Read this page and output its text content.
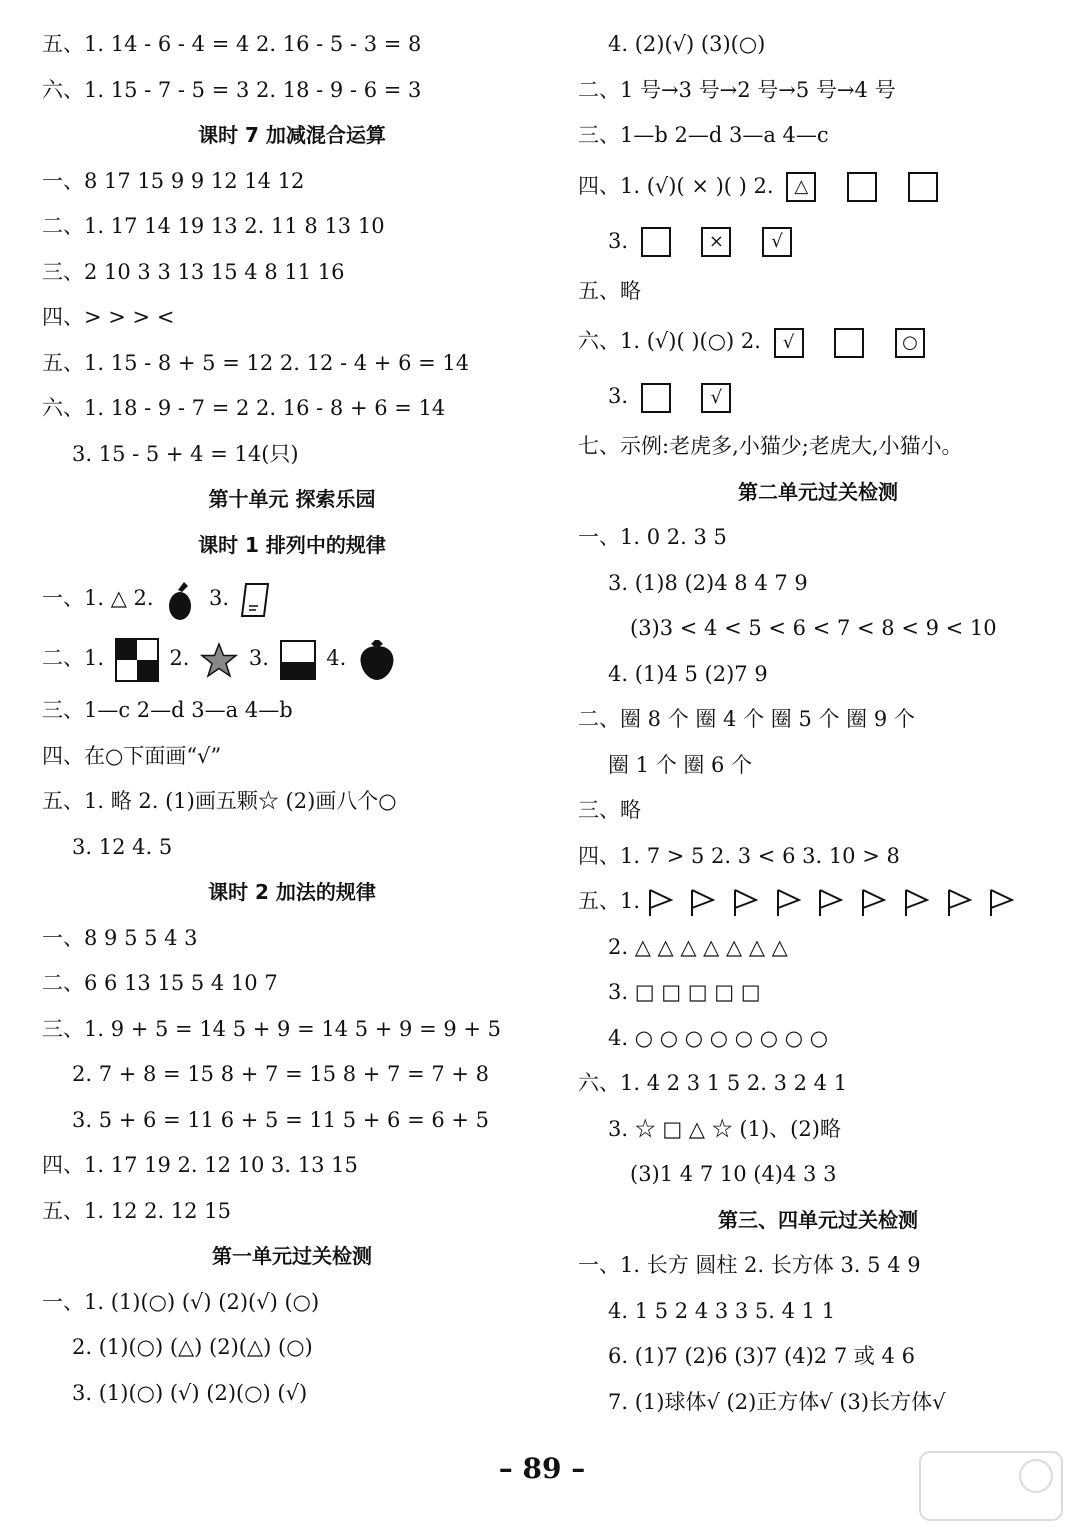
五、1. 14 - 6 - 4 = 4 2. 16 - 5 - 3 = 8
六、1. 15 - 7 - 5 = 3 2. 18 - 9 - 6 = 3
课时 7 加减混合运算
一、8 17 15 9 9 12 14 12
二、1. 17 14 19 13 2. 11 8 13 10
三、2 10 3 3 13 15 4 8 11 16
四、> > > <
五、1. 15 - 8 + 5 = 12 2. 12 - 4 + 6 = 14
六、1. 18 - 9 - 7 = 2 2. 16 - 8 + 6 = 14
3. 15 - 5 + 4 = 14(只)
第十单元 探索乐园
课时 1 排列中的规律
一、1. △ 2.	3.
二、1.	2.	3.	4.
三、1—c 2—d 3—a 4—b
四、在○下面画“√”
五、1. 略 2. (1)画五颗☆ (2)画八个○
3. 12 4. 5
课时 2 加法的规律
一、8 9 5 5 4 3
二、6 6 13 15 5 4 10 7
三、1. 9 + 5 = 14 5 + 9 = 14 5 + 9 = 9 + 5
2. 7 + 8 = 15 8 + 7 = 15 8 + 7 = 7 + 8
3. 5 + 6 = 11 6 + 5 = 11 5 + 6 = 6 + 5
四、1. 17 19 2. 12 10 3. 13 15
五、1. 12 2. 12 15
第一单元过关检测
一、1. (1)(○) (√) (2)(√) (○)
2. (1)(○) (△) (2)(△) (○)
3. (1)(○) (√) (2)(○) (√)
4. (2)(√) (3)(○)
二、1 号→3 号→2 号→5 号→4 号
三、1—b 2—d 3—a 4—c
四、1. (√)( × )( ) 2. △
3.	×	√
五、略
六、1. (√)( )(○) 2. √	○
3.	√
七、示例:老虎多,小猫少;老虎大,小猫小。
第二单元过关检测
一、1. 0 2. 3 5
3. (1)8 (2)4 8 4 7 9
(3)3 < 4 < 5 < 6 < 7 < 8 < 9 < 10
4. (1)4 5 (2)7 9
二、圈 8 个 圈 4 个 圈 5 个 圈 9 个
圈 1 个 圈 6 个
三、略
四、1. 7 > 5 2. 3 < 6 3. 10 > 8
五、1.
2. △ △ △ △ △ △ △
3. □ □ □ □ □
4. ○ ○ ○ ○ ○ ○ ○ ○
六、1. 4 2 3 1 5 2. 3 2 4 1
3. ☆ □ △ ☆ (1)、(2)略
(3)1 4 7 10 (4)4 3 3
第三、四单元过关检测
一、1. 长方 圆柱 2. 长方体 3. 5 4 9
4. 1 5 2 4 3 3 5. 4 1 1
6. (1)7 (2)6 (3)7 (4)2 7 或 4 6
7. (1)球体√ (2)正方体√ (3)长方体√
– 89 –
